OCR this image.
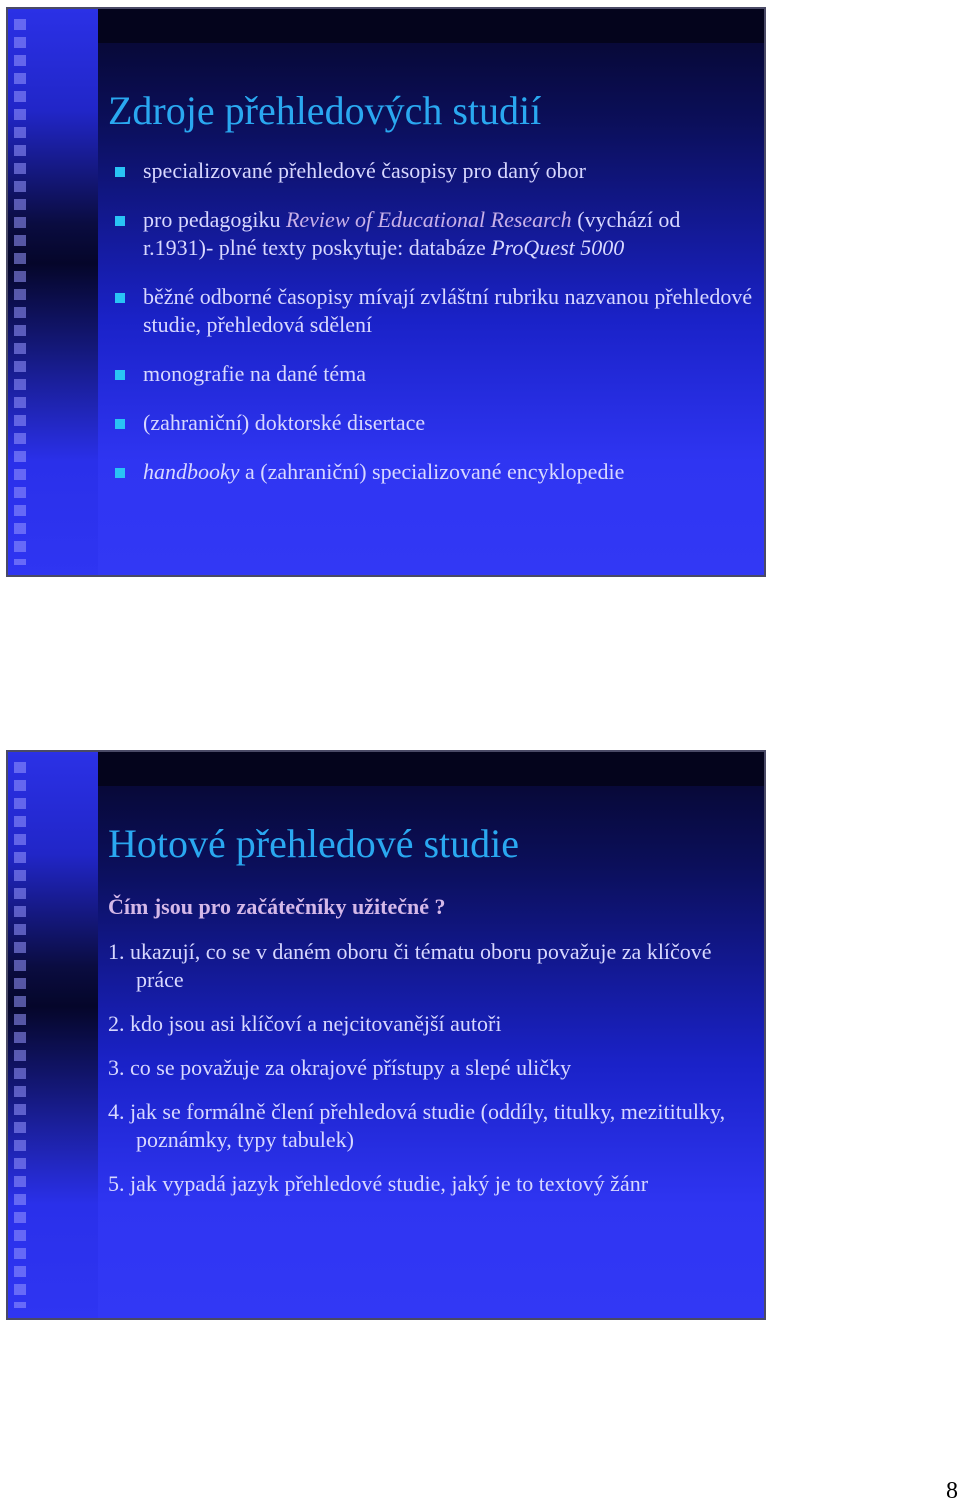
Zdroje přehledových studií
specializované přehledové časopisy pro daný obor
pro pedagogiku Review of Educational Research (vychází od r.1931)- plné texty poskytuje: databáze ProQuest 5000
běžné odborné časopisy mívají zvláštní rubriku nazvanou přehledové studie, přehledová sdělení
monografie na dané téma
(zahraniční) doktorské disertace
handbooky a (zahraniční) specializované encyklopedie
Hotové přehledové studie
Čím jsou pro začátečníky užitečné ?
1. ukazují, co se v daném oboru či tématu oboru považuje za klíčové práce
2. kdo jsou asi klíčoví a nejcitovanější autoři
3. co se považuje za okrajové přístupy a slepé uličky
4. jak se formálně člení přehledová studie (oddíly, titulky, mezititulky, poznámky, typy tabulek)
5. jak vypadá jazyk přehledové studie, jaký je to textový žánr
8
